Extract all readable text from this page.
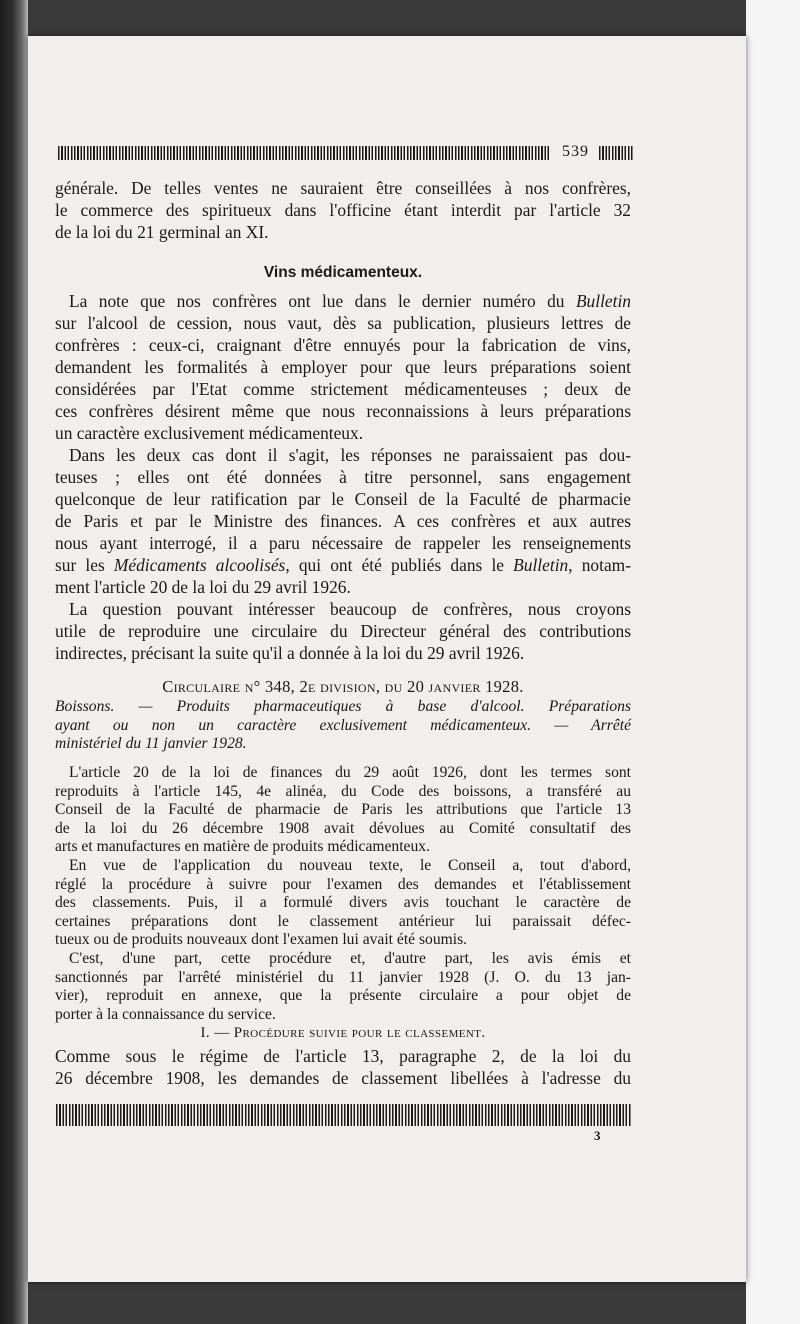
539
générale. De telles ventes ne sauraient être conseillées à nos confrères,
le commerce des spiritueux dans l'officine étant interdit par l'article 32
de la loi du 21 germinal an XI.
Vins médicamenteux.
La note que nos confrères ont lue dans le dernier numéro du Bulletin
sur l'alcool de cession, nous vaut, dès sa publication, plusieurs lettres de
confrères : ceux-ci, craignant d'être ennuyés pour la fabrication de vins,
demandent les formalités à employer pour que leurs préparations soient
considérées par l'Etat comme strictement médicamenteuses ; deux de
ces confrères désirent même que nous reconnaissions à leurs préparations
un caractère exclusivement médicamenteux.
Dans les deux cas dont il s'agit, les réponses ne paraissaient pas dou-
teuses ; elles ont été données à titre personnel, sans engagement
quelconque de leur ratification par le Conseil de la Faculté de pharmacie
de Paris et par le Ministre des finances. A ces confrères et aux autres
nous ayant interrogé, il a paru nécessaire de rappeler les renseignements
sur les Médicaments alcoolisés, qui ont été publiés dans le Bulletin, notam-
ment l'article 20 de la loi du 29 avril 1926.
La question pouvant intéresser beaucoup de confrères, nous croyons
utile de reproduire une circulaire du Directeur général des contributions
indirectes, précisant la suite qu'il a donnée à la loi du 29 avril 1926.
Circulaire n° 348, 2e division, du 20 janvier 1928.
Boissons. — Produits pharmaceutiques à base d'alcool. Préparations
ayant ou non un caractère exclusivement médicamenteux. — Arrêté
ministériel du 11 janvier 1928.
L'article 20 de la loi de finances du 29 août 1926, dont les termes sont
reproduits à l'article 145, 4e alinéa, du Code des boissons, a transféré au
Conseil de la Faculté de pharmacie de Paris les attributions que l'article 13
de la loi du 26 décembre 1908 avait dévolues au Comité consultatif des
arts et manufactures en matière de produits médicamenteux.
En vue de l'application du nouveau texte, le Conseil a, tout d'abord,
réglé la procédure à suivre pour l'examen des demandes et l'établissement
des classements. Puis, il a formulé divers avis touchant le caractère de
certaines préparations dont le classement antérieur lui paraissait défec-
tueux ou de produits nouveaux dont l'examen lui avait été soumis.
C'est, d'une part, cette procédure et, d'autre part, les avis émis et
sanctionnés par l'arrêté ministériel du 11 janvier 1928 (J. O. du 13 jan-
vier), reproduit en annexe, que la présente circulaire a pour objet de
porter à la connaissance du service.
I. — Procédure suivie pour le classement.
Comme sous le régime de l'article 13, paragraphe 2, de la loi du
26 décembre 1908, les demandes de classement libellées à l'adresse du
3
